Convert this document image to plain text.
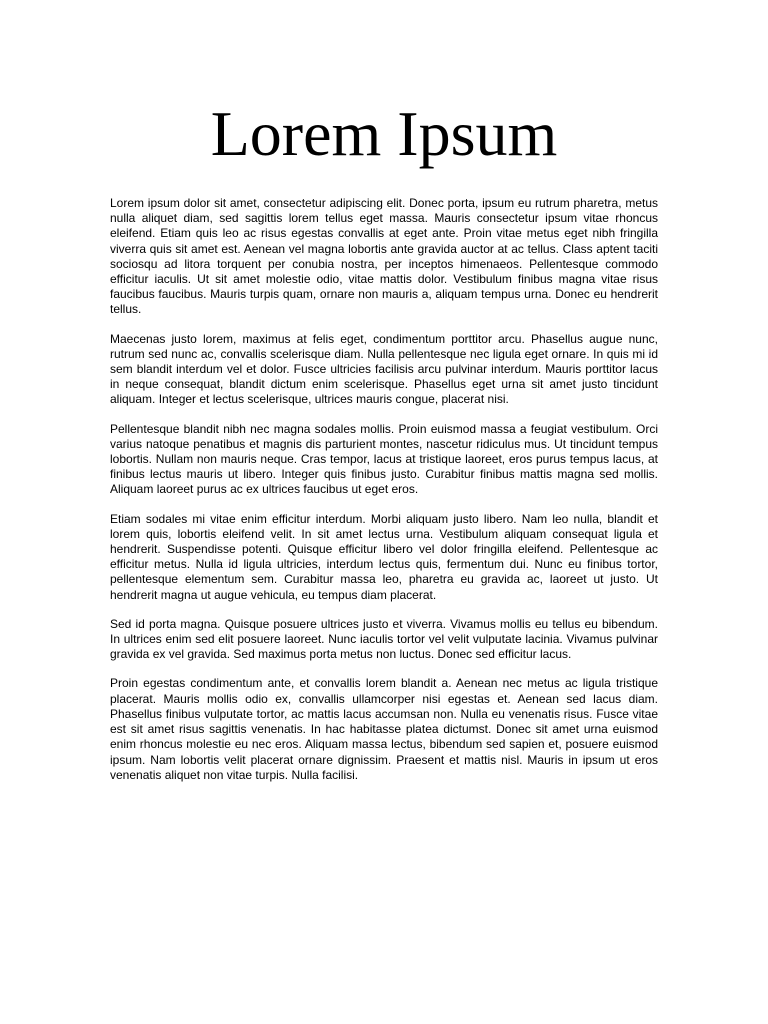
Lorem Ipsum

Lorem ipsum dolor sit amet, consectetur adipiscing elit. Donec porta, ipsum eu rutrum pharetra, metus nulla aliquet diam, sed sagittis lorem tellus eget massa. Mauris consectetur ipsum vitae rhoncus eleifend. Etiam quis leo ac risus egestas convallis at eget ante. Proin vitae metus eget nibh fringilla viverra quis sit amet est. Aenean vel magna lobortis ante gravida auctor at ac tellus. Class aptent taciti sociosqu ad litora torquent per conubia nostra, per inceptos himenaeos. Pellentesque commodo efficitur iaculis. Ut sit amet molestie odio, vitae mattis dolor. Vestibulum finibus magna vitae risus faucibus faucibus. Mauris turpis quam, ornare non mauris a, aliquam tempus urna. Donec eu hendrerit tellus.

Maecenas justo lorem, maximus at felis eget, condimentum porttitor arcu. Phasellus augue nunc, rutrum sed nunc ac, convallis scelerisque diam. Nulla pellentesque nec ligula eget ornare. In quis mi id sem blandit interdum vel et dolor. Fusce ultricies facilisis arcu pulvinar interdum. Mauris porttitor lacus in neque consequat, blandit dictum enim scelerisque. Phasellus eget urna sit amet justo tincidunt aliquam. Integer et lectus scelerisque, ultrices mauris congue, placerat nisi.

Pellentesque blandit nibh nec magna sodales mollis. Proin euismod massa a feugiat vestibulum. Orci varius natoque penatibus et magnis dis parturient montes, nascetur ridiculus mus. Ut tincidunt tempus lobortis. Nullam non mauris neque. Cras tempor, lacus at tristique laoreet, eros purus tempus lacus, at finibus lectus mauris ut libero. Integer quis finibus justo. Curabitur finibus mattis magna sed mollis. Aliquam laoreet purus ac ex ultrices faucibus ut eget eros.

Etiam sodales mi vitae enim efficitur interdum. Morbi aliquam justo libero. Nam leo nulla, blandit et lorem quis, lobortis eleifend velit. In sit amet lectus urna. Vestibulum aliquam consequat ligula et hendrerit. Suspendisse potenti. Quisque efficitur libero vel dolor fringilla eleifend. Pellentesque ac efficitur metus. Nulla id ligula ultricies, interdum lectus quis, fermentum dui. Nunc eu finibus tortor, pellentesque elementum sem. Curabitur massa leo, pharetra eu gravida ac, laoreet ut justo. Ut hendrerit magna ut augue vehicula, eu tempus diam placerat.

Sed id porta magna. Quisque posuere ultrices justo et viverra. Vivamus mollis eu tellus eu bibendum. In ultrices enim sed elit posuere laoreet. Nunc iaculis tortor vel velit vulputate lacinia. Vivamus pulvinar gravida ex vel gravida. Sed maximus porta metus non luctus. Donec sed efficitur lacus.

Proin egestas condimentum ante, et convallis lorem blandit a. Aenean nec metus ac ligula tristique placerat. Mauris mollis odio ex, convallis ullamcorper nisi egestas et. Aenean sed lacus diam. Phasellus finibus vulputate tortor, ac mattis lacus accumsan non. Nulla eu venenatis risus. Fusce vitae est sit amet risus sagittis venenatis. In hac habitasse platea dictumst. Donec sit amet urna euismod enim rhoncus molestie eu nec eros. Aliquam massa lectus, bibendum sed sapien et, posuere euismod ipsum. Nam lobortis velit placerat ornare dignissim. Praesent et mattis nisl. Mauris in ipsum ut eros venenatis aliquet non vitae turpis. Nulla facilisi.
